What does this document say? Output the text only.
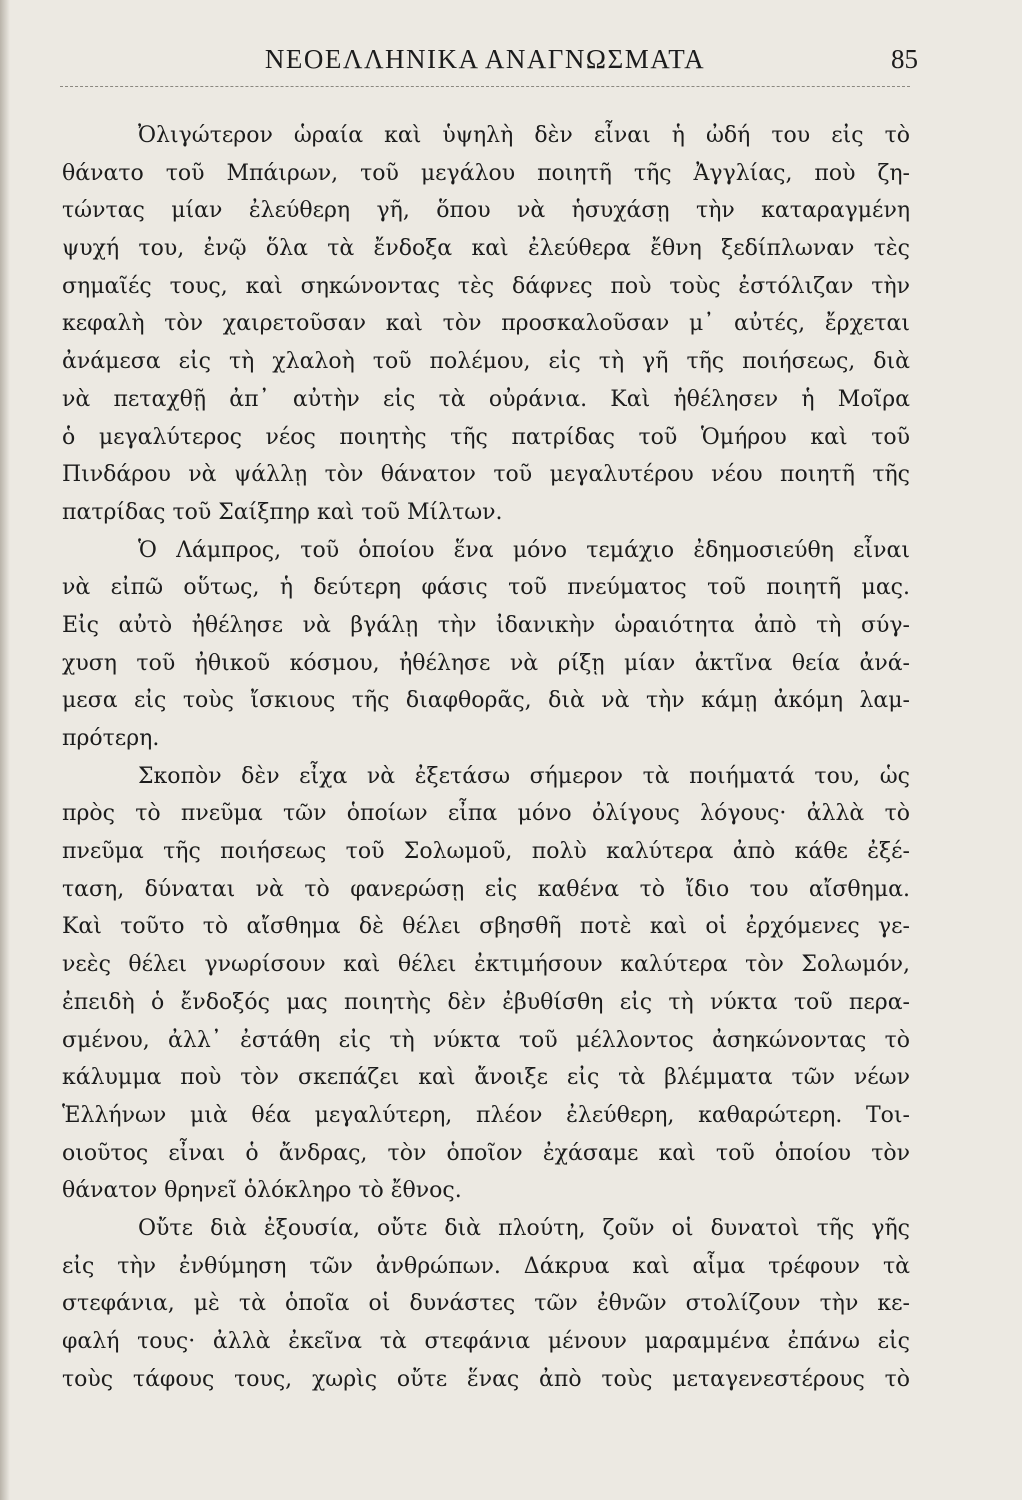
ΝΕΟΕΛΛΗΝΙΚΑ ΑΝΑΓΝΩΣΜΑΤΑ	85
Ὀλιγώτερον ὡραία καὶ ὑψηλὴ δὲν εἶναι ἡ ὠδή του εἰς τὸ
θάνατο τοῦ Μπάιρων, τοῦ μεγάλου ποιητῆ τῆς Ἀγγλίας, ποὺ ζη-
τώντας μίαν ἐλεύθερη γῆ, ὅπου νὰ ἡσυχάσῃ τὴν καταραγμένη
ψυχή του, ἐνῷ ὅλα τὰ ἔνδοξα καὶ ἐλεύθερα ἔθνη ξεδίπλωναν τὲς
σημαῖές τους, καὶ σηκώνοντας τὲς δάφνες ποὺ τοὺς ἐστόλιζαν τὴν
κεφαλὴ τὸν χαιρετοῦσαν καὶ τὸν προσκαλοῦσαν μ᾽ αὐτές, ἔρχεται
ἀνάμεσα εἰς τὴ χλαλοὴ τοῦ πολέμου, εἰς τὴ γῆ τῆς ποιήσεως, διὰ
νὰ πεταχθῇ ἀπ᾽ αὐτὴν εἰς τὰ οὐράνια. Καὶ ἠθέλησεν ἡ Μοῖρα
ὁ μεγαλύτερος νέος ποιητὴς τῆς πατρίδας τοῦ Ὁμήρου καὶ τοῦ
Πινδάρου νὰ ψάλλῃ τὸν θάνατον τοῦ μεγαλυτέρου νέου ποιητῆ τῆς
πατρίδας τοῦ Σαίξπηρ καὶ τοῦ Μίλτων.
Ὁ Λάμπρος, τοῦ ὁποίου ἕνα μόνο τεμάχιο ἐδημοσιεύθη εἶναι
νὰ εἰπῶ οὕτως, ἡ δεύτερη φάσις τοῦ πνεύματος τοῦ ποιητῆ μας.
Εἰς αὐτὸ ἠθέλησε νὰ βγάλῃ τὴν ἰδανικὴν ὡραιότητα ἀπὸ τὴ σύγ-
χυση τοῦ ἠθικοῦ κόσμου, ἠθέλησε νὰ ρίξῃ μίαν ἀκτῖνα θεία ἀνά-
μεσα εἰς τοὺς ἴσκιους τῆς διαφθορᾶς, διὰ νὰ τὴν κάμῃ ἀκόμη λαμ-
πρότερη.
Σκοπὸν δὲν εἶχα νὰ ἐξετάσω σήμερον τὰ ποιήματά του, ὡς
πρὸς τὸ πνεῦμα τῶν ὁποίων εἶπα μόνο ὀλίγους λόγους· ἀλλὰ τὸ
πνεῦμα τῆς ποιήσεως τοῦ Σολωμοῦ, πολὺ καλύτερα ἀπὸ κάθε ἐξέ-
ταση, δύναται νὰ τὸ φανερώσῃ εἰς καθένα τὸ ἴδιο του αἴσθημα.
Καὶ τοῦτο τὸ αἴσθημα δὲ θέλει σβησθῆ ποτὲ καὶ οἱ ἐρχόμενες γε-
νεὲς θέλει γνωρίσουν καὶ θέλει ἐκτιμήσουν καλύτερα τὸν Σολωμόν,
ἐπειδὴ ὁ ἔνδοξός μας ποιητὴς δὲν ἐβυθίσθη εἰς τὴ νύκτα τοῦ περα-
σμένου, ἀλλ᾽ ἐστάθη εἰς τὴ νύκτα τοῦ μέλλοντος ἀσηκώνοντας τὸ
κάλυμμα ποὺ τὸν σκεπάζει καὶ ἄνοιξε εἰς τὰ βλέμματα τῶν νέων
Ἑλλήνων μιὰ θέα μεγαλύτερη, πλέον ἐλεύθερη, καθαρώτερη. Τοι-
οιοῦτος εἶναι ὁ ἄνδρας, τὸν ὁποῖον ἐχάσαμε καὶ τοῦ ὁποίου τὸν
θάνατον θρηνεῖ ὁλόκληρο τὸ ἔθνος.
Οὔτε διὰ ἐξουσία, οὔτε διὰ πλούτη, ζοῦν οἱ δυνατοὶ τῆς γῆς
εἰς τὴν ἐνθύμηση τῶν ἀνθρώπων. Δάκρυα καὶ αἷμα τρέφουν τὰ
στεφάνια, μὲ τὰ ὁποῖα οἱ δυνάστες τῶν ἐθνῶν στολίζουν τὴν κε-
φαλή τους· ἀλλὰ ἐκεῖνα τὰ στεφάνια μένουν μαραμμένα ἐπάνω εἰς
τοὺς τάφους τους, χωρὶς οὔτε ἕνας ἀπὸ τοὺς μεταγενεστέρους τὸ
